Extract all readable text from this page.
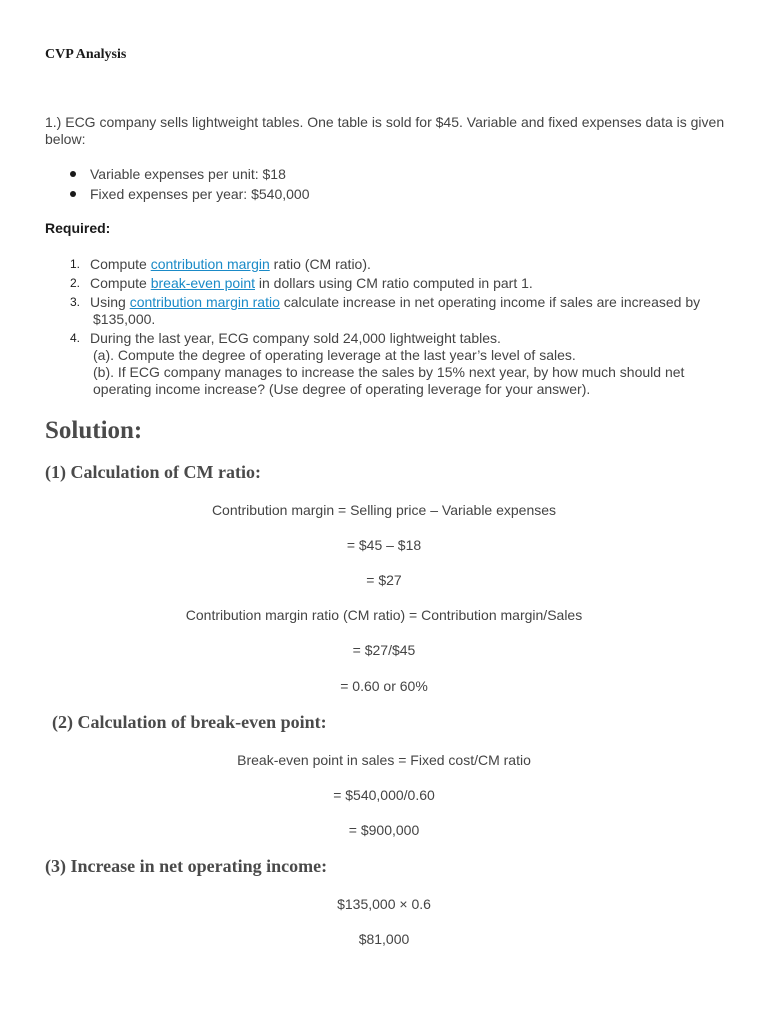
CVP Analysis
1.) ECG company sells lightweight tables. One table is sold for $45. Variable and fixed expenses data is given below:
Variable expenses per unit: $18
Fixed expenses per year: $540,000
Required:
1. Compute contribution margin ratio (CM ratio).
2. Compute break-even point in dollars using CM ratio computed in part 1.
3. Using contribution margin ratio calculate increase in net operating income if sales are increased by
$135,000.
4. During the last year, ECG company sold 24,000 lightweight tables.
(a). Compute the degree of operating leverage at the last year’s level of sales.
(b). If ECG company manages to increase the sales by 15% next year, by how much should net
operating income increase? (Use degree of operating leverage for your answer).
Solution:
(1) Calculation of CM ratio:
Contribution margin = Selling price – Variable expenses
= $45 – $18
= $27
Contribution margin ratio (CM ratio) = Contribution margin/Sales
= $27/$45
= 0.60 or 60%
(2) Calculation of break-even point:
Break-even point in sales = Fixed cost/CM ratio
= $540,000/0.60
= $900,000
(3) Increase in net operating income:
$135,000 × 0.6
$81,000
